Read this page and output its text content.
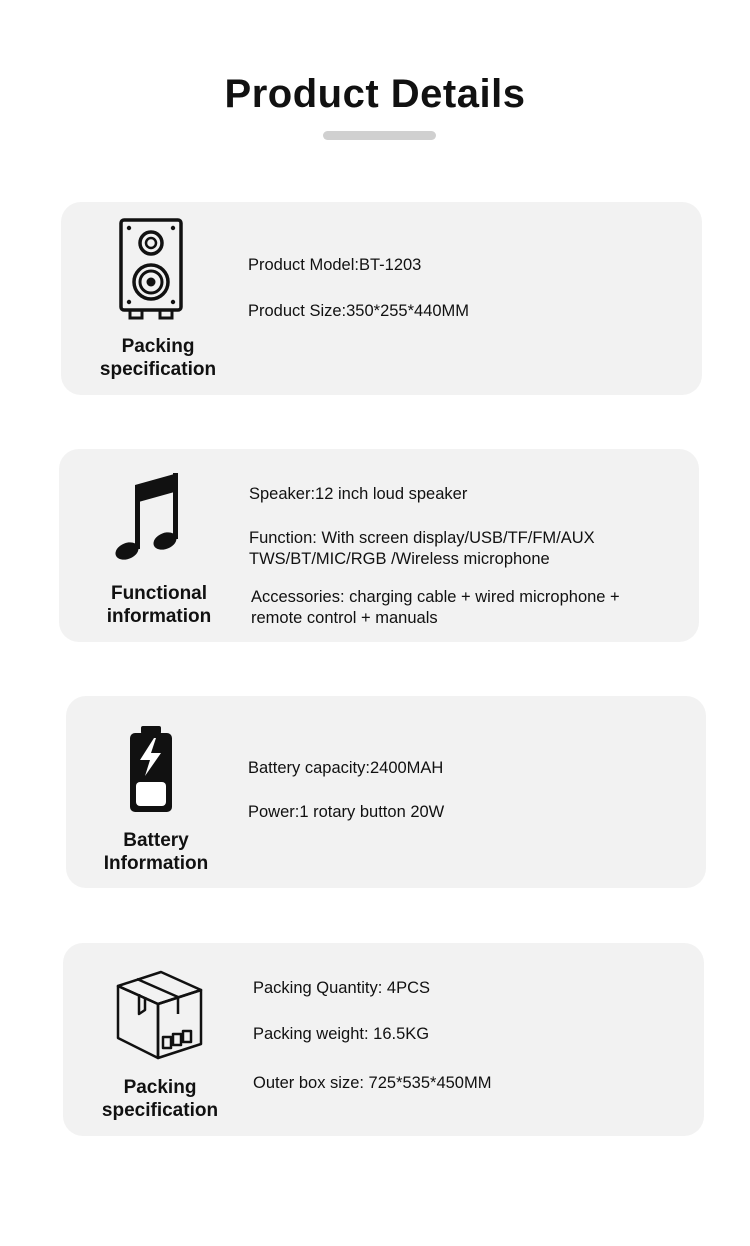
Product Details
Packing
specification
Product Model:BT-1203
Product Size:350*255*440MM
Functional
information
Speaker:12 inch loud speaker
Function: With screen display/USB/TF/FM/AUX
TWS/BT/MIC/RGB /Wireless microphone
Accessories: charging cable + wired microphone +
remote control + manuals
Battery
Information
Battery capacity:2400MAH
Power:1 rotary button 20W
Packing
specification
Packing Quantity: 4PCS
Packing weight: 16.5KG
Outer box size: 725*535*450MM
